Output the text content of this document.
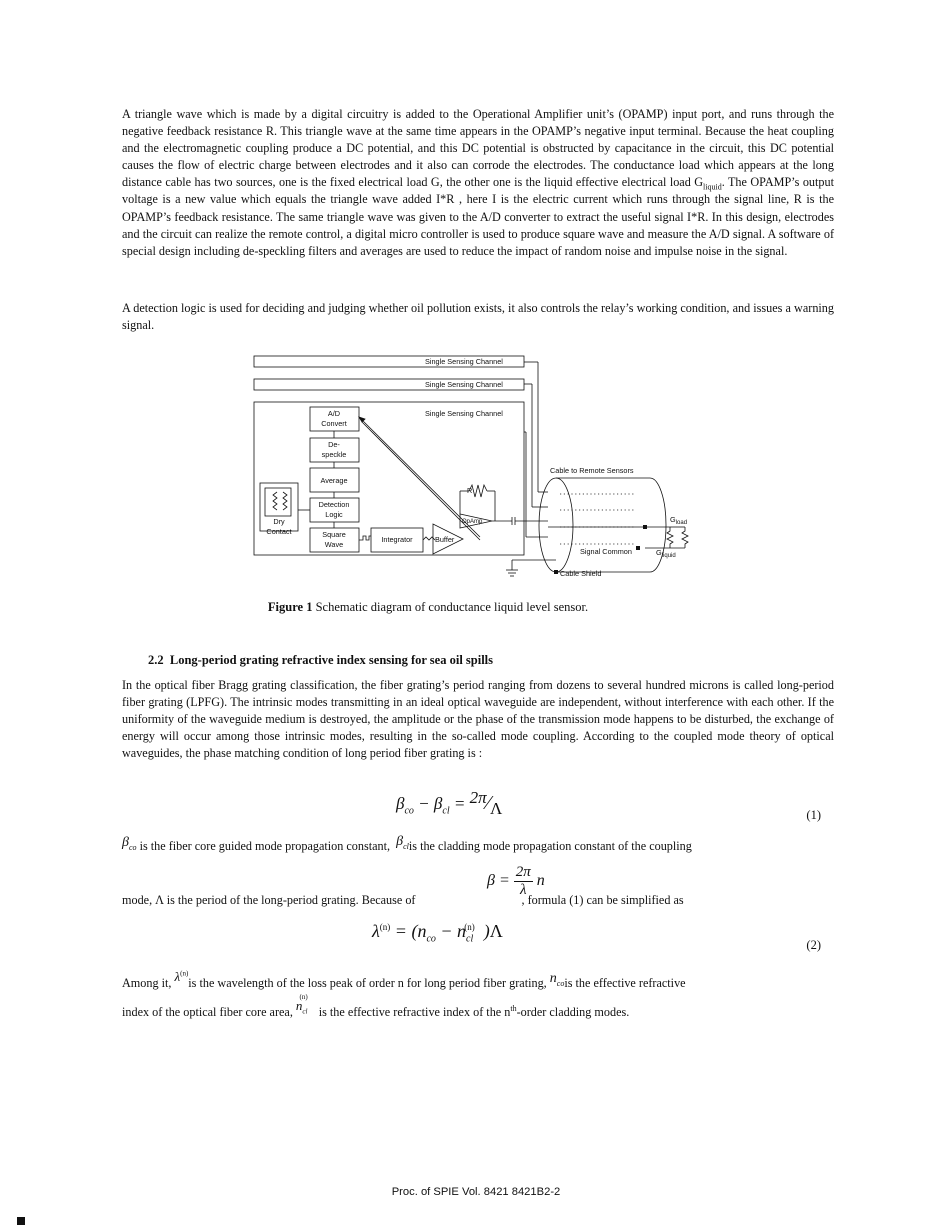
A triangle wave which is made by a digital circuitry is added to the Operational Amplifier unit’s (OPAMP) input port, and runs through the negative feedback resistance R. This triangle wave at the same time appears in the OPAMP’s negative input terminal. Because the heat coupling and the electromagnetic coupling produce a DC potential, and this DC potential is obstructed by capacitance in the circuit, this DC potential causes the flow of electric charge between electrodes and it also can corrode the electrodes. The conductance load which appears at the long distance cable has two sources, one is the fixed electrical load G, the other one is the liquid effective electrical load $G_{liquid}$. The OPAMP’s output voltage is a new value which equals the triangle wave added I*R , here I is the electric current which runs through the signal line, R is the OPAMP’s feedback resistance. The same triangle wave was given to the A/D converter to extract the useful signal I*R. In this design, electrodes and the circuit can realize the remote control, a digital micro controller is used to produce square wave and measure the A/D signal. A software of special design including de-speckling filters and averages are used to reduce the impact of random noise and impulse noise in the signal.

A detection logic is used for deciding and judging whether oil pollution exists, it also controls the relay’s working condition, and issues a warning signal.

Single Sensing Channel
Single Sensing Channel
Single Sensing Channel
A/D
Convert
De-
speckle
Average
Detection
Logic
Square
Wave
Integrator	Buffer
OpAmp
R
Dry
Contact
Cable to Remote Sensors
$G_{load}$
$G_{liquid}$
Signal Common
Cable Shield
Figure 1 Schematic diagram of conductance liquid level sensor.
2.2 Long-period grating refractive index sensing for sea oil spills

In the optical fiber Bragg grating classification, the fiber grating’s period ranging from dozens to several hundred microns is called long-period fiber grating (LPFG). The intrinsic modes transmitting in an ideal optical waveguide are independent, without interference with each other. If the uniformity of the waveguide medium is destroyed, the amplitude or the phase of the transmission mode happens to be disturbed, the exchange of energy will occur among those intrinsic modes, resulting in the so-called mode coupling. According to the coupled mode theory of optical waveguides, the phase matching condition of long period fiber grating is :

$\beta_{co} - \beta_{cl}$ = 2π⁄Λ	(1)
$\beta_{co}$ is the fiber core guided mode propagation constant, $\beta_{cl}is$ the cladding mode propagation constant of the coupling
$\beta = \frac{2\pi}{\lambda}$ n
mode, Λ is the period of the long-period grating. Because of	, formula (1) can be simplified as
$\lambda^{(n)} = (n_{co} - n_{cl}^{(n)}$ )Λ
(2)
Among it, $\lambda^{(n)}is$ the wavelength of the loss peak of order n for long period fiber grating, $n_{co}is$ the effective refractive
index of the optical fiber core area, $n_{cl}^{(n)}$ is the effective refractive index of the $n^{th}$-order cladding modes.
Proc. of SPIE Vol. 8421 8421B2-2
